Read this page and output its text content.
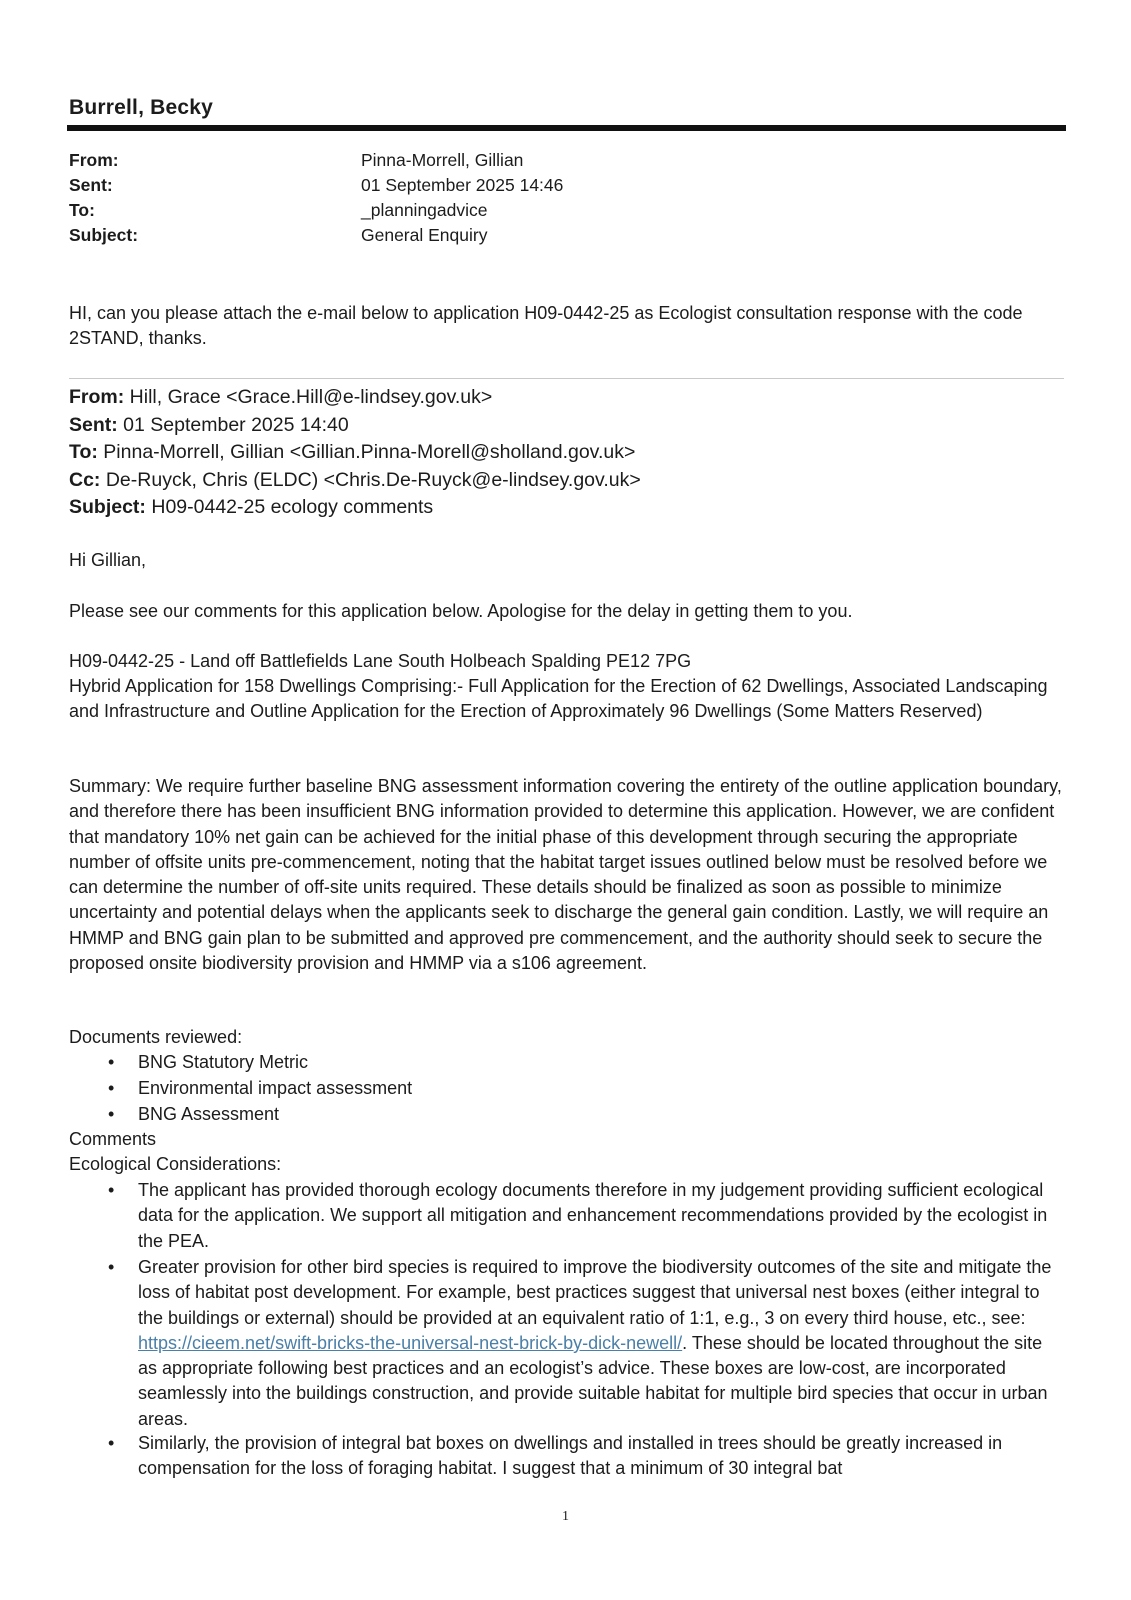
Burrell, Becky
From:	Pinna-Morrell, Gillian
Sent:	01 September 2025 14:46
To:	_planningadvice
Subject:	General Enquiry
HI, can you please attach the e-mail below to application H09-0442-25 as Ecologist consultation response with the code 2STAND, thanks.
From: Hill, Grace <Grace.Hill@e-lindsey.gov.uk>
Sent: 01 September 2025 14:40
To: Pinna-Morrell, Gillian <Gillian.Pinna-Morell@sholland.gov.uk>
Cc: De-Ruyck, Chris (ELDC) <Chris.De-Ruyck@e-lindsey.gov.uk>
Subject: H09-0442-25 ecology comments
Hi Gillian,
Please see our comments for this application below. Apologise for the delay in getting them to you.
H09-0442-25 - Land off Battlefields Lane South Holbeach Spalding PE12 7PG
Hybrid Application for 158 Dwellings Comprising:- Full Application for the Erection of 62 Dwellings, Associated Landscaping and Infrastructure and Outline Application for the Erection of Approximately 96 Dwellings (Some Matters Reserved)
Summary: We require further baseline BNG assessment information covering the entirety of the outline application boundary, and therefore there has been insufficient BNG information provided to determine this application. However, we are confident that mandatory 10% net gain can be achieved for the initial phase of this development through securing the appropriate number of offsite units pre-commencement, noting that the habitat target issues outlined below must be resolved before we can determine the number of off-site units required. These details should be finalized as soon as possible to minimize uncertainty and potential delays when the applicants seek to discharge the general gain condition. Lastly, we will require an HMMP and BNG gain plan to be submitted and approved pre commencement, and the authority should seek to secure the proposed onsite biodiversity provision and HMMP via a s106 agreement.
Documents reviewed:
• BNG Statutory Metric
• Environmental impact assessment
• BNG Assessment
Comments
Ecological Considerations:
• The applicant has provided thorough ecology documents therefore in my judgement providing sufficient ecological data for the application. We support all mitigation and enhancement recommendations provided by the ecologist in the PEA.
• Greater provision for other bird species is required to improve the biodiversity outcomes of the site and mitigate the loss of habitat post development. For example, best practices suggest that universal nest boxes (either integral to the buildings or external) should be provided at an equivalent ratio of 1:1, e.g., 3 on every third house, etc., see: https://cieem.net/swift-bricks-the-universal-nest-brick-by-dick-newell/. These should be located throughout the site as appropriate following best practices and an ecologist’s advice. These boxes are low-cost, are incorporated seamlessly into the buildings construction, and provide suitable habitat for multiple bird species that occur in urban areas.
• Similarly, the provision of integral bat boxes on dwellings and installed in trees should be greatly increased in compensation for the loss of foraging habitat. I suggest that a minimum of 30 integral bat
1
